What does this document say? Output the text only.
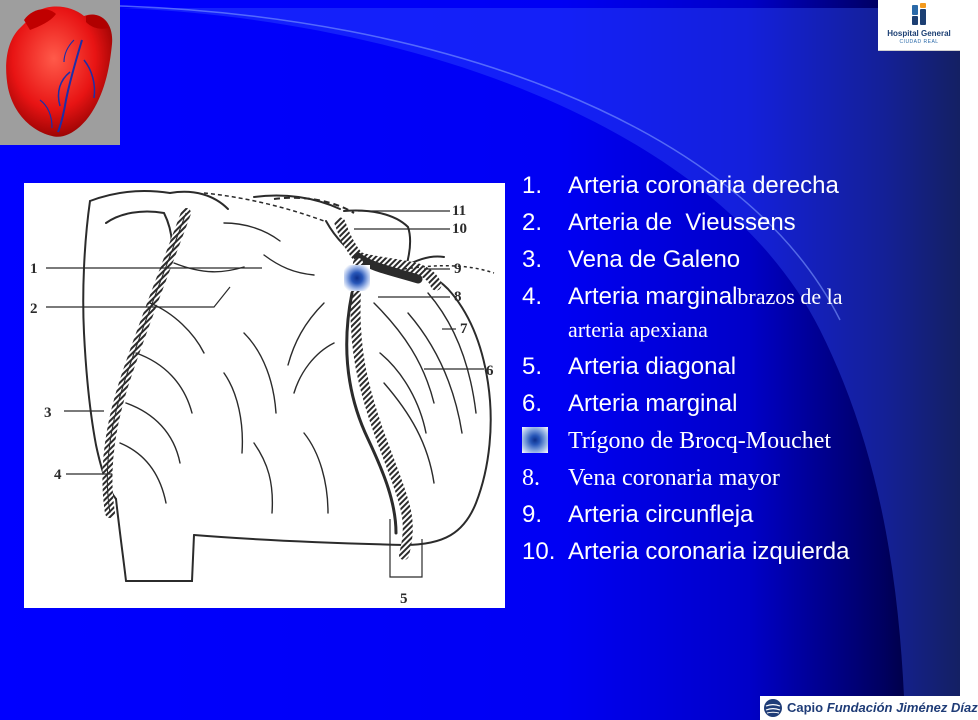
Hospital General
CIUDAD REAL
1
2
3
4
5
6
7
8
9
10
11
1. Arteria coronaria derecha
2. Arteria de  Vieussens
3. Vena de Galeno
4. Arteria marginalbrazos de la
arteria apexiana
5. Arteria diagonal
6. Arteria marginal
Trígono de Brocq-Mouchet
8. Vena coronaria mayor
9. Arteria circunfleja
10. Arteria coronaria izquierda
Capio Fundación Jiménez Díaz
